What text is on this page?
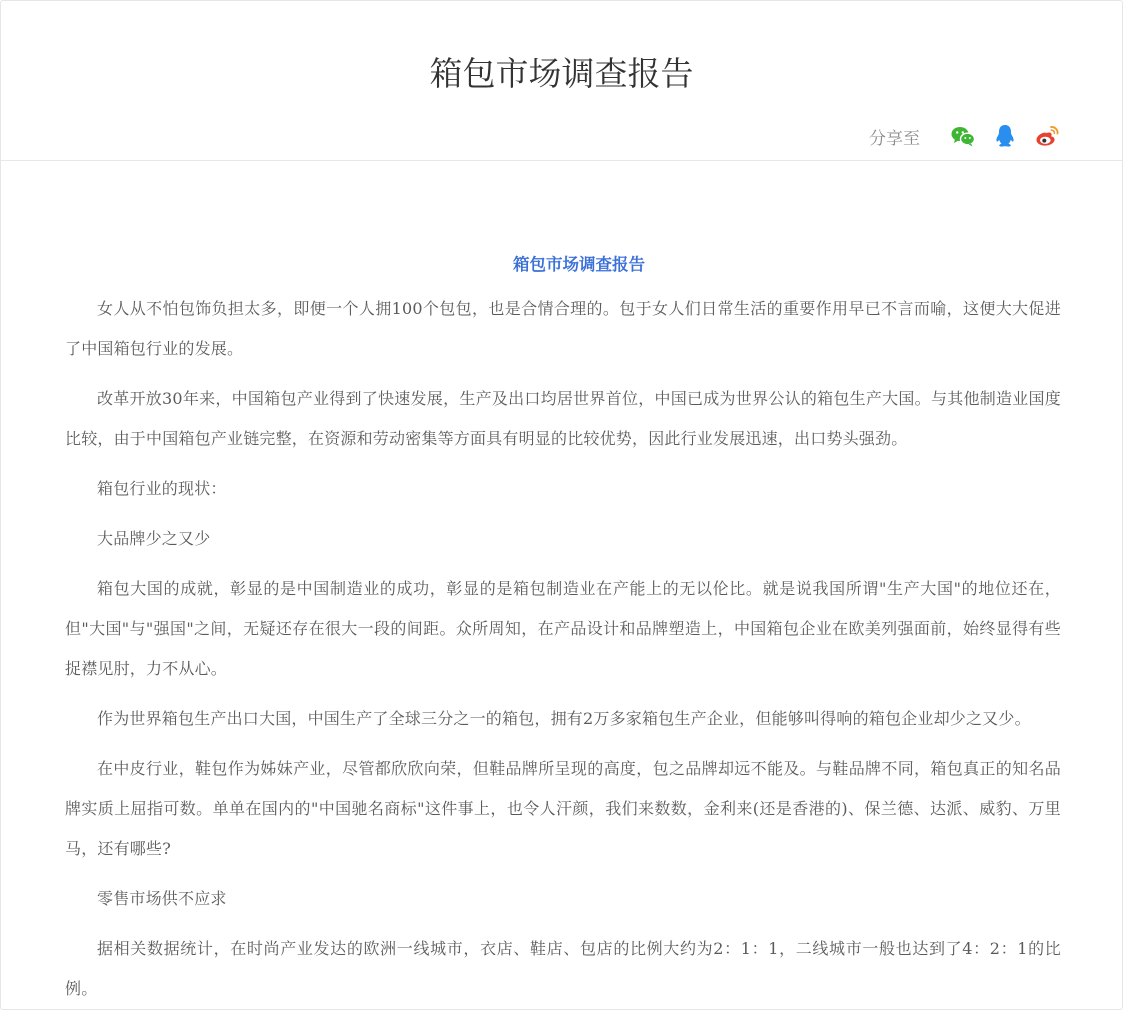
箱包市场调查报告
分享至
箱包市场调查报告

女人从不怕包饰负担太多，即便一个人拥100个包包，也是合情合理的。包于女人们日常生活的重要作用早已不言而喻，这便大大促进了中国箱包行业的发展。

改革开放30年来，中国箱包产业得到了快速发展，生产及出口均居世界首位，中国已成为世界公认的箱包生产大国。与其他制造业国度比较，由于中国箱包产业链完整，在资源和劳动密集等方面具有明显的比较优势，因此行业发展迅速，出口势头强劲。

箱包行业的现状：

大品牌少之又少

箱包大国的成就，彰显的是中国制造业的成功，彰显的是箱包制造业在产能上的无以伦比。就是说我国所谓"生产大国"的地位还在，但"大国"与"强国"之间，无疑还存在很大一段的间距。众所周知，在产品设计和品牌塑造上，中国箱包企业在欧美列强面前，始终显得有些捉襟见肘，力不从心。

作为世界箱包生产出口大国，中国生产了全球三分之一的箱包，拥有2万多家箱包生产企业，但能够叫得响的箱包企业却少之又少。

在中皮行业，鞋包作为姊妹产业，尽管都欣欣向荣，但鞋品牌所呈现的高度，包之品牌却远不能及。与鞋品牌不同，箱包真正的知名品牌实质上屈指可数。单单在国内的"中国驰名商标"这件事上，也令人汗颜，我们来数数，金利来(还是香港的)、保兰德、达派、威豹、万里马，还有哪些?

零售市场供不应求

据相关数据统计，在时尚产业发达的欧洲一线城市，衣店、鞋店、包店的比例大约为2：1：1，二线城市一般也达到了4：2：1的比例。
